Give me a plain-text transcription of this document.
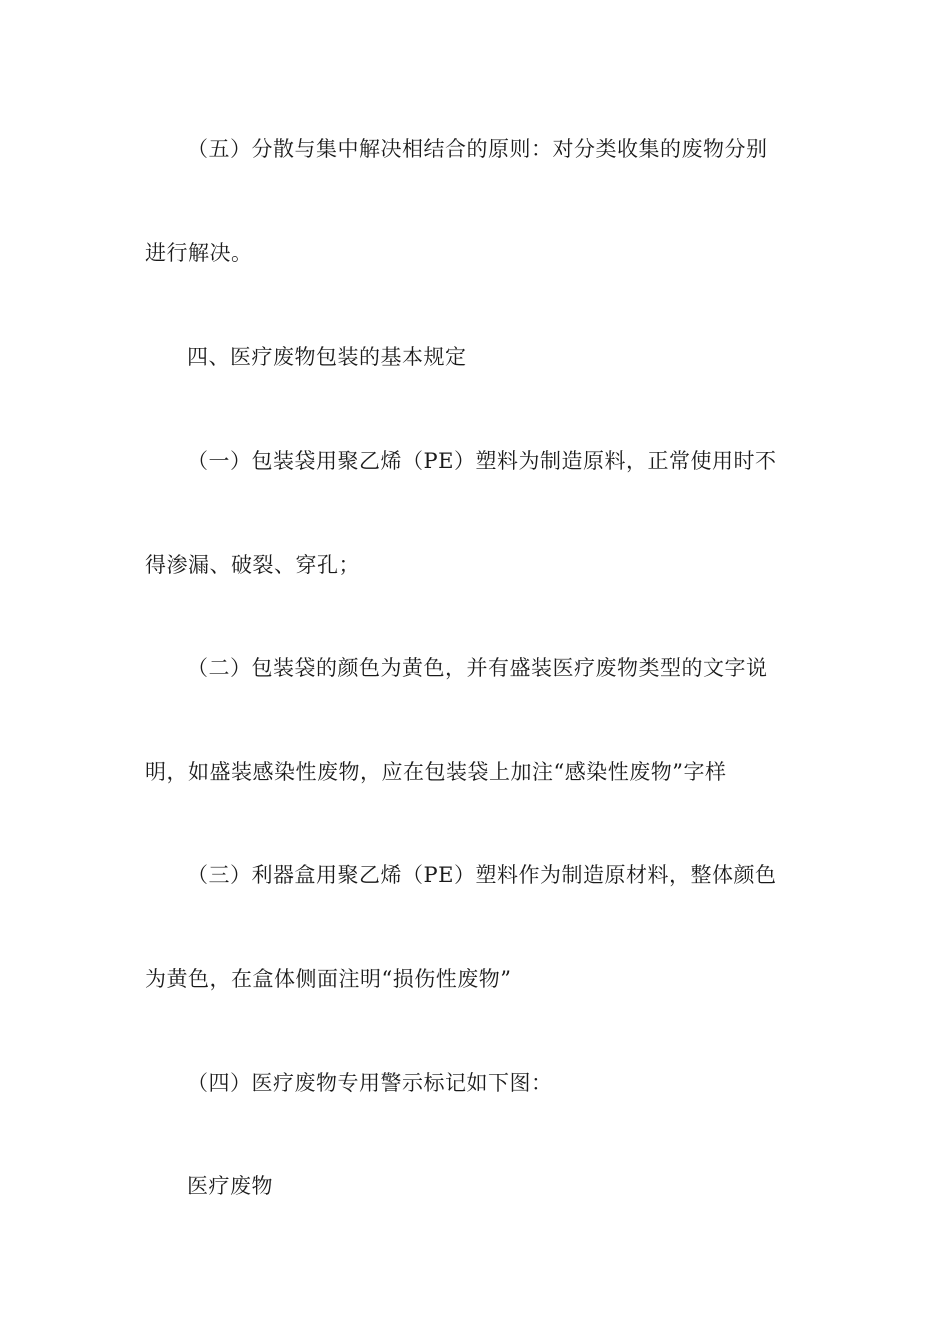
（五）分散与集中解决相结合的原则：对分类收集的废物分别
进行解决。
四、医疗废物包装的基本规定
（一）包装袋用聚乙烯（PE）塑料为制造原料，正常使用时不
得渗漏、破裂、穿孔；
（二）包装袋的颜色为黄色，并有盛装医疗废物类型的文字说
明，如盛装感染性废物，应在包装袋上加注“感染性废物”字样
（三）利器盒用聚乙烯（PE）塑料作为制造原材料，整体颜色
为黄色，在盒体侧面注明“损伤性废物”
（四）医疗废物专用警示标记如下图：
医疗废物
